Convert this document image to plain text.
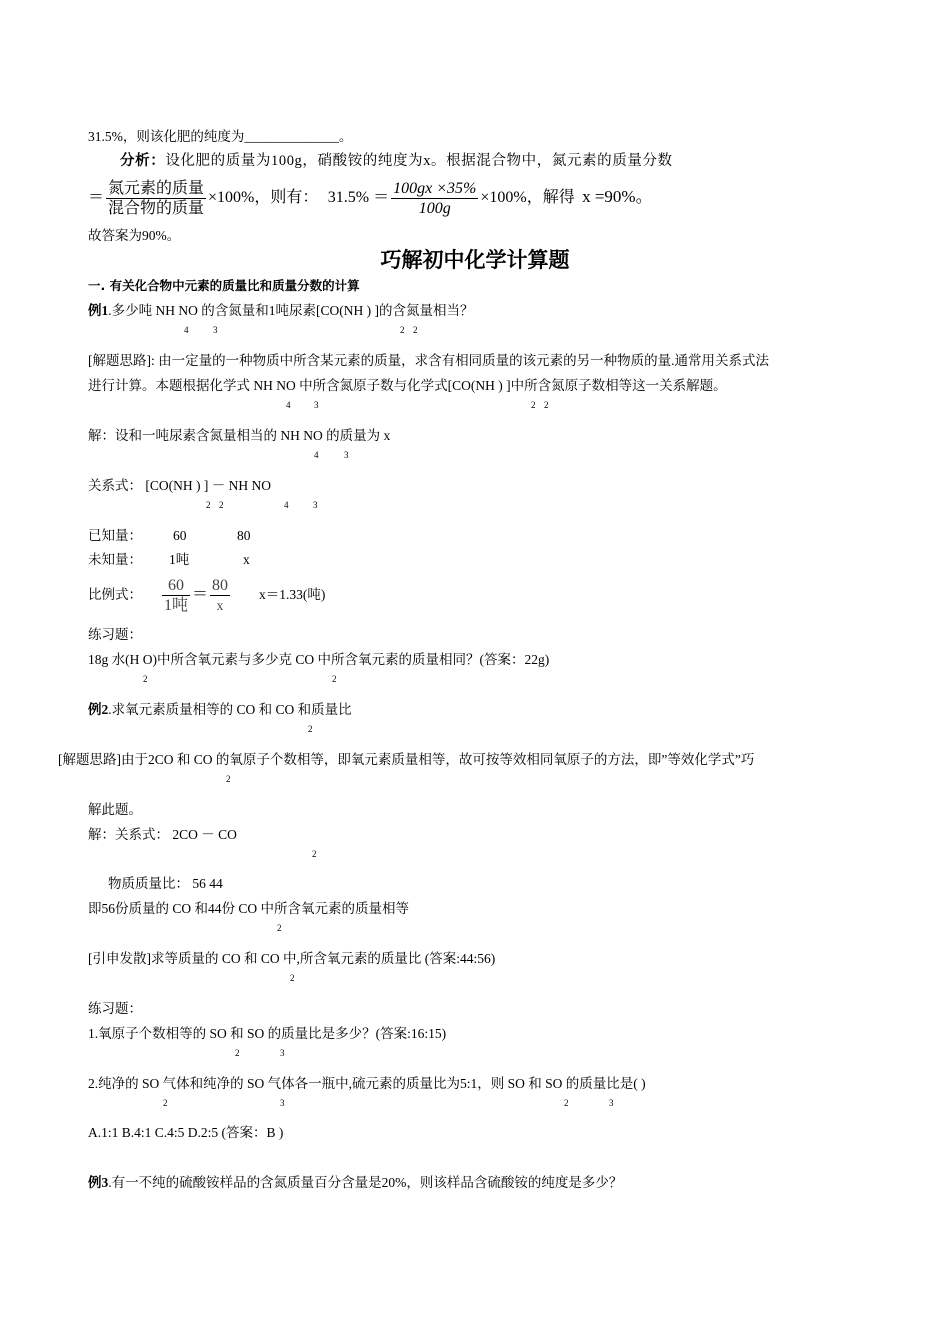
31.5%，则该化肥的纯度为______________。
分析：设化肥的质量为100g，硝酸铵的纯度为x。根据混合物中，氮元素的质量分数
＝ $\frac{\text{氮元素的质量}}{\text{混合物的质量}} \times 100\%$，则有： $31.5\% = \frac{100gx \times 35\%}{100g} \times 100\%$，解得 x =90%。
故答案为90%。
巧解初中化学计算题
一. 有关化合物中元素的质量比和质量分数的计算
例1.多少吨 NH NO 的含氮量和1吨尿素[CO(NH ) ]的含氮量相当？
4	3	2 2
[解题思路]: 由一定量的一种物质中所含某元素的质量，求含有相同质量的该元素的另一种物质的量.通常用关系式法
进行计算。本题根据化学式 NH NO 中所含氮原子数与化学式[CO(NH ) ]中所含氮原子数相等这一关系解题。
4	3	2 2
解：设和一吨尿素含氮量相当的 NH NO 的质量为 x
4	3
关系式： [CO(NH ) ] － NH NO
2 2	4	3
已知量： 60	80
未知量： 1吨	x
比例式： $\frac{60}{\text{1吨}} = \frac{80}{x} x=1.33$(吨)
练习题：
18g 水(H O)中所含氧元素与多少克 CO 中所含氧元素的质量相同？(答案：22g)
2	2
例2.求氧元素质量相等的 CO 和 CO 和质量比
2
[解题思路]由于2CO 和 CO 的氧原子个数相等，即氧元素质量相等，故可按等效相同氧原子的方法，即”等效化学式”巧
2
解此题。
解：关系式： 2CO － CO
2
物质质量比： 56 44
即56份质量的 CO 和44份 CO 中所含氧元素的质量相等
2
[引申发散]求等质量的 CO 和 CO 中,所含氧元素的质量比 (答案:44:56)
2
练习题：
1.氧原子个数相等的 SO 和 SO 的质量比是多少？(答案:16:15)
2	3
2.纯净的 SO 气体和纯净的 SO 气体各一瓶中,硫元素的质量比为5:1，则 SO 和 SO 的质量比是( )
2	3	2	3
A.1:1 B.4:1 C.4:5 D.2:5 (答案：B )
例3.有一不纯的硫酸铵样品的含氮质量百分含量是20%，则该样品含硫酸铵的纯度是多少？
